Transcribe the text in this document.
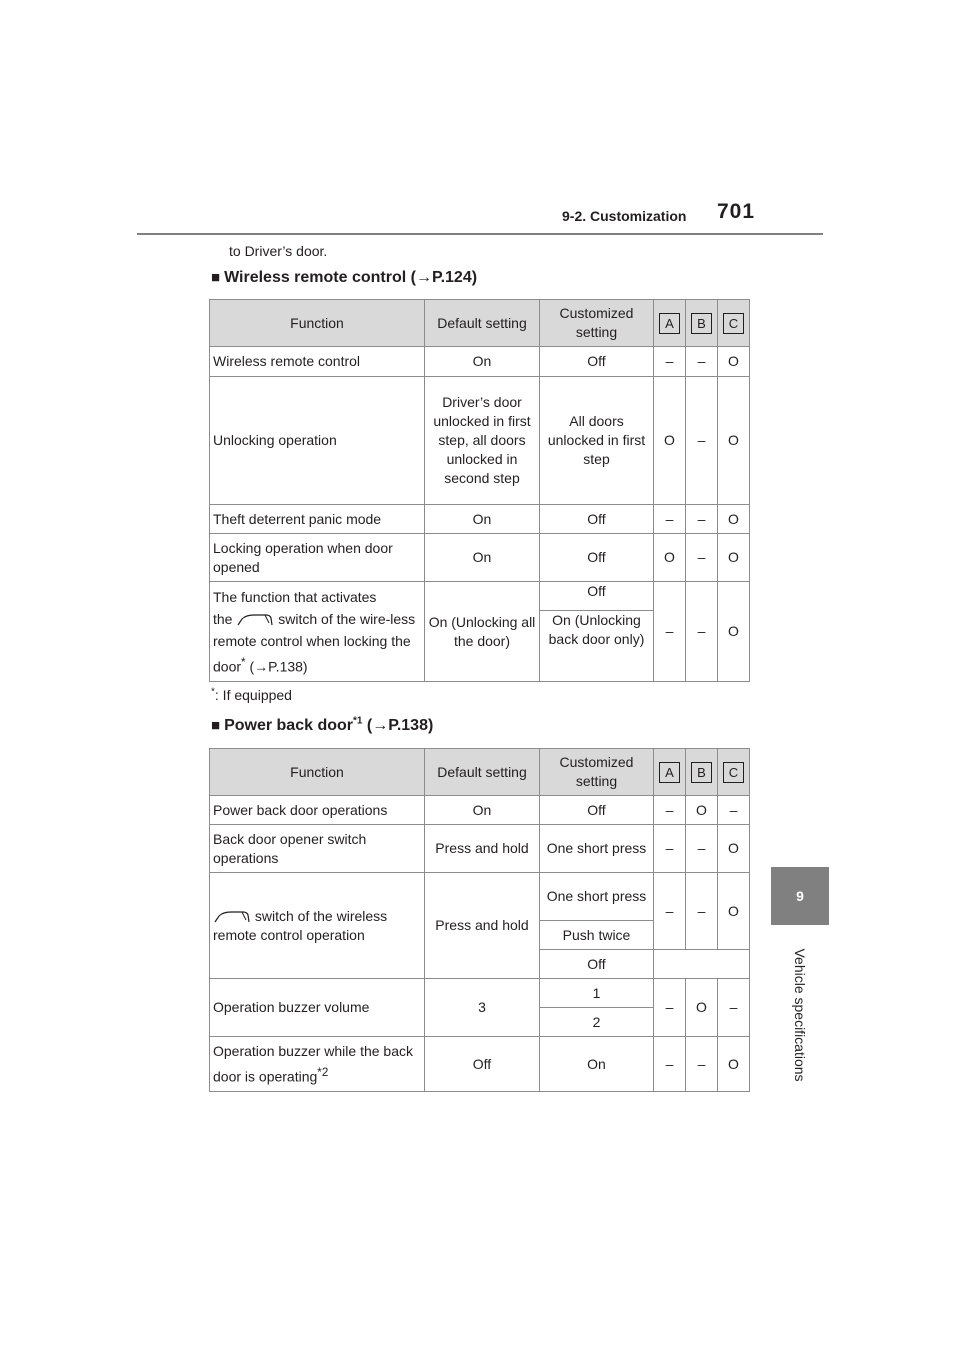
9-2. Customization 701
9
Vehicle specifications
to Driver’s door.
■ Wireless remote control (→P.124)
Function	Default setting	Customized setting	A	B	C
Wireless remote control	On	Off	–	–	O
Unlocking operation	Driver’s door unlocked in first step, all doors unlocked in second step	All doors unlocked in first step	O	–	O
Theft deterrent panic mode	On	Off	–	–	O
Locking operation when door opened	On	Off	O	–	O
The function that activates
the switch of the wire-less remote control when locking the door* (→P.138)	On (Unlocking all the door)	Off	–	–	O
		On (Unlocking back door only)			
*: If equipped
■ Power back door$^{*1}$ (→P.138)
Function	Default setting	Customized setting	A	B	C
Power back door operations	On	Off	–	O	–
Back door opener switch operations	Press and hold	One short press	–	–	O
switch of the wireless remote control operation	Press and hold	One short press	–	–	O
		Push twice			
		Off			
Operation buzzer volume	3	1	–	O	–
		2			
Operation buzzer while the back door is operating$^{*2}$	Off	On	–	–	O
